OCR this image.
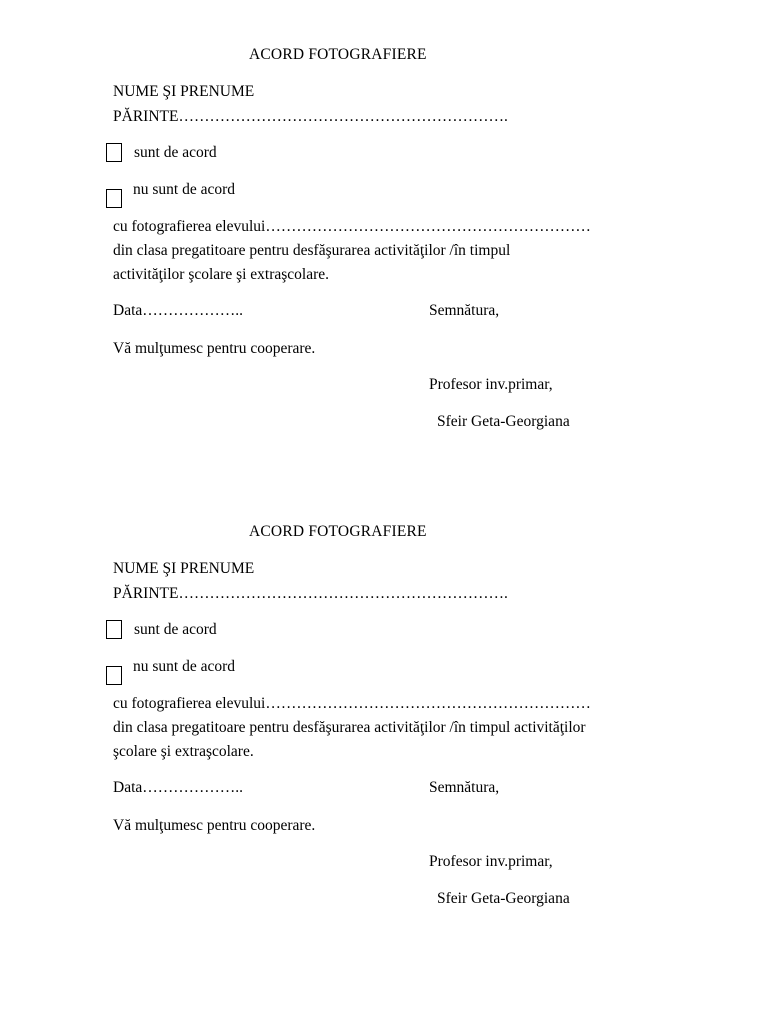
ACORD FOTOGRAFIERE
NUME ŞI PRENUME
PĂRINTE……………………………………………………….
sunt de acord
nu sunt de acord
cu fotografierea elevului………………………………………………………
din clasa pregatitoare pentru desfăşurarea activităţilor /în timpul
activităţilor şcolare şi extraşcolare.
Data………………..	Semnătura,
Vă mulţumesc pentru cooperare.
Profesor inv.primar,
Sfeir Geta-Georgiana
ACORD FOTOGRAFIERE
NUME ŞI PRENUME
PĂRINTE……………………………………………………….
sunt de acord
nu sunt de acord
cu fotografierea elevului………………………………………………………
din clasa pregatitoare pentru desfăşurarea activităţilor /în timpul activităţilor
şcolare şi extraşcolare.
Data………………..	Semnătura,
Vă mulţumesc pentru cooperare.
Profesor inv.primar,
Sfeir Geta-Georgiana
